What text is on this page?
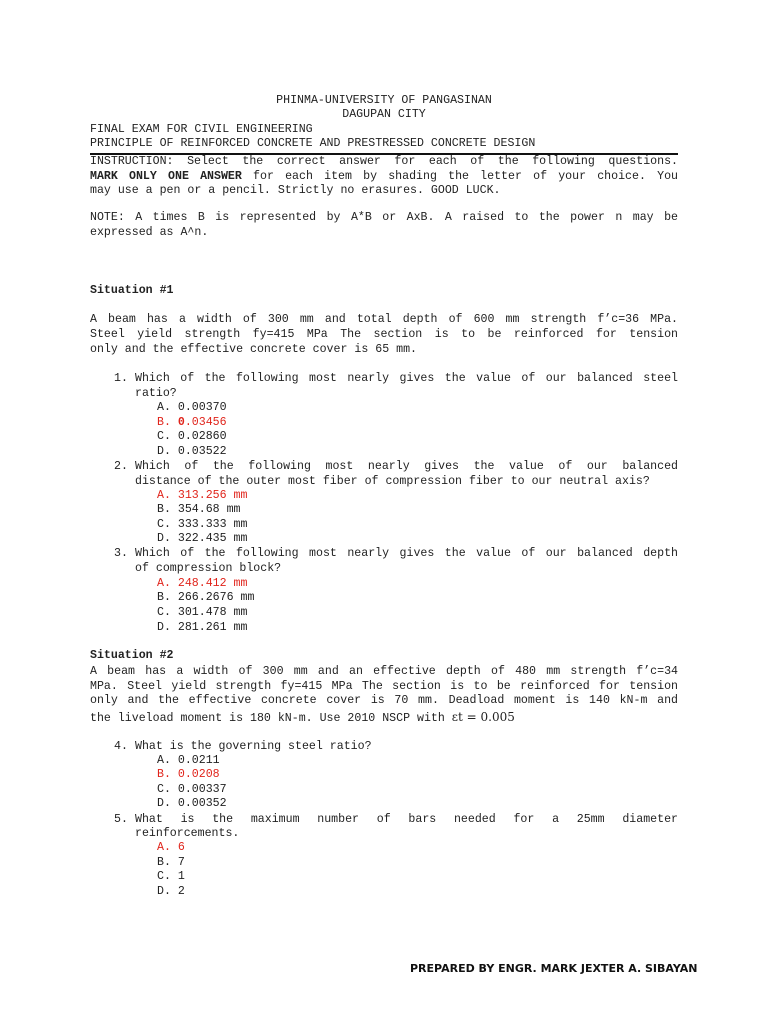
PHINMA-UNIVERSITY OF PANGASINAN
DAGUPAN CITY
FINAL EXAM FOR CIVIL ENGINEERING
PRINCIPLE OF REINFORCED CONCRETE AND PRESTRESSED CONCRETE DESIGN
INSTRUCTION: Select the correct answer for each of the following questions.
MARK ONLY ONE ANSWER for each item by shading the letter of your choice. You
may use a pen or a pencil. Strictly no erasures. GOOD LUCK.
NOTE: A times B is represented by A*B or AxB. A raised to the power n may be
expressed as A^n.
Situation #1
A beam has a width of 300 mm and total depth of 600 mm strength f’c=36 MPa.
Steel yield strength fy=415 MPa The section is to be reinforced for tension
only and the effective concrete cover is 65 mm.
1. Which of the following most nearly gives the value of our balanced steel
ratio?
A. 0.00370
B. 0.03456
C. 0.02860
D. 0.03522
2. Which of the following most nearly gives the value of our balanced
distance of the outer most fiber of compression fiber to our neutral axis?
A. 313.256 mm
B. 354.68 mm
C. 333.333 mm
D. 322.435 mm
3. Which of the following most nearly gives the value of our balanced depth
of compression block?
A. 248.412 mm
B. 266.2676 mm
C. 301.478 mm
D. 281.261 mm
Situation #2
A beam has a width of 300 mm and an effective depth of 480 mm strength f’c=34
MPa. Steel yield strength fy=415 MPa The section is to be reinforced for tension
only and the effective concrete cover is 70 mm. Deadload moment is 140 kN-m and
the liveload moment is 180 kN-m. Use 2010 NSCP with εt = 0.005
4. What is the governing steel ratio?
A. 0.0211
B. 0.0208
C. 0.00337
D. 0.00352
5. What is the maximum number of bars needed for a 25mm diameter
reinforcements.
A. 6
B. 7
C. 1
D. 2
PREPARED BY ENGR. MARK JEXTER A. SIBAYAN
